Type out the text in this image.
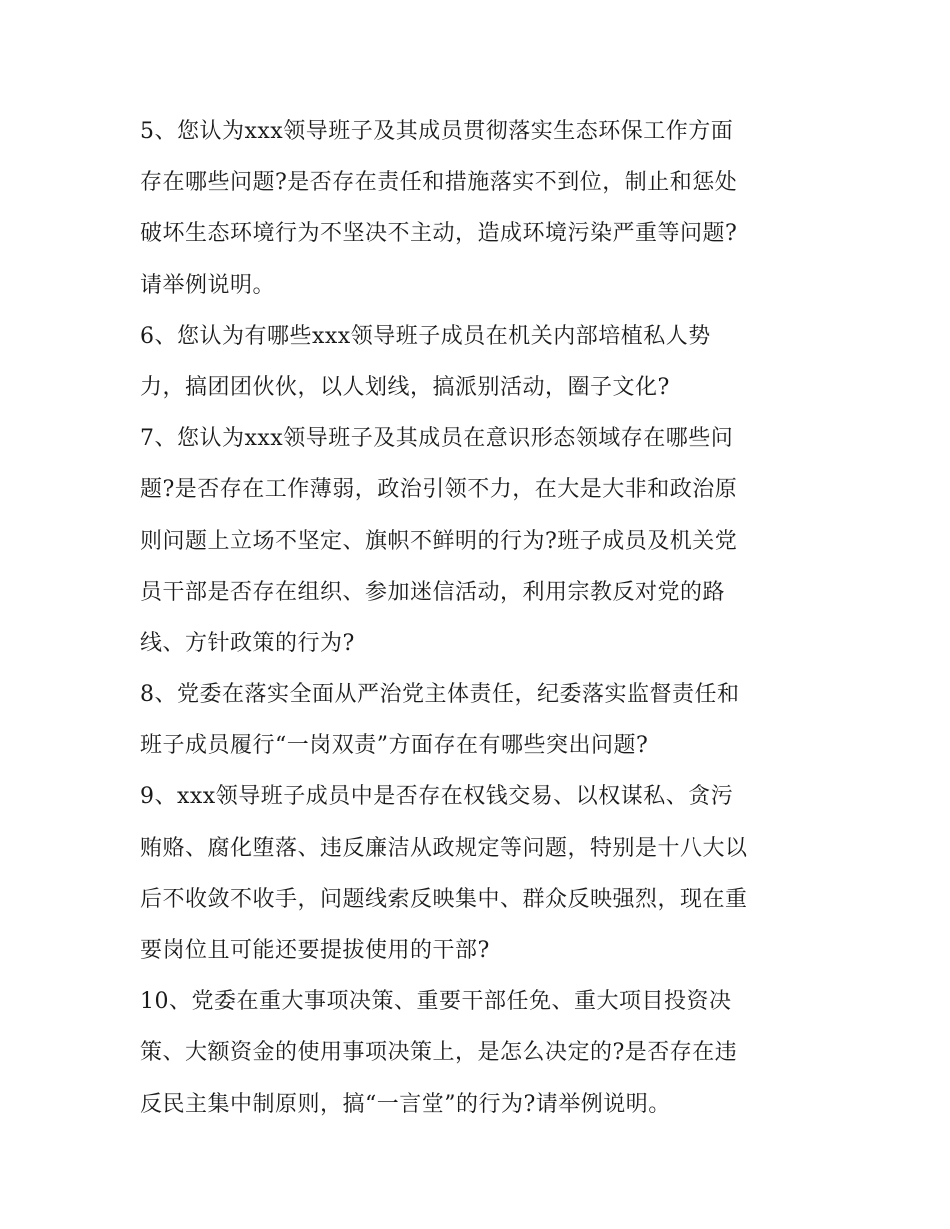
5、您认为xxx领导班子及其成员贯彻落实生态环保工作方面
存在哪些问题?是否存在责任和措施落实不到位，制止和惩处
破坏生态环境行为不坚决不主动，造成环境污染严重等问题?
请举例说明。
6、您认为有哪些xxx领导班子成员在机关内部培植私人势
力，搞团团伙伙，以人划线，搞派别活动，圈子文化?
7、您认为xxx领导班子及其成员在意识形态领域存在哪些问
题?是否存在工作薄弱，政治引领不力，在大是大非和政治原
则问题上立场不坚定、旗帜不鲜明的行为?班子成员及机关党
员干部是否存在组织、参加迷信活动，利用宗教反对党的路
线、方针政策的行为?
8、党委在落实全面从严治党主体责任，纪委落实监督责任和
班子成员履行“一岗双责”方面存在有哪些突出问题?
9、xxx领导班子成员中是否存在权钱交易、以权谋私、贪污
贿赂、腐化堕落、违反廉洁从政规定等问题，特别是十八大以
后不收敛不收手，问题线索反映集中、群众反映强烈，现在重
要岗位且可能还要提拔使用的干部?
10、党委在重大事项决策、重要干部任免、重大项目投资决
策、大额资金的使用事项决策上，是怎么决定的?是否存在违
反民主集中制原则，搞“一言堂”的行为?请举例说明。
